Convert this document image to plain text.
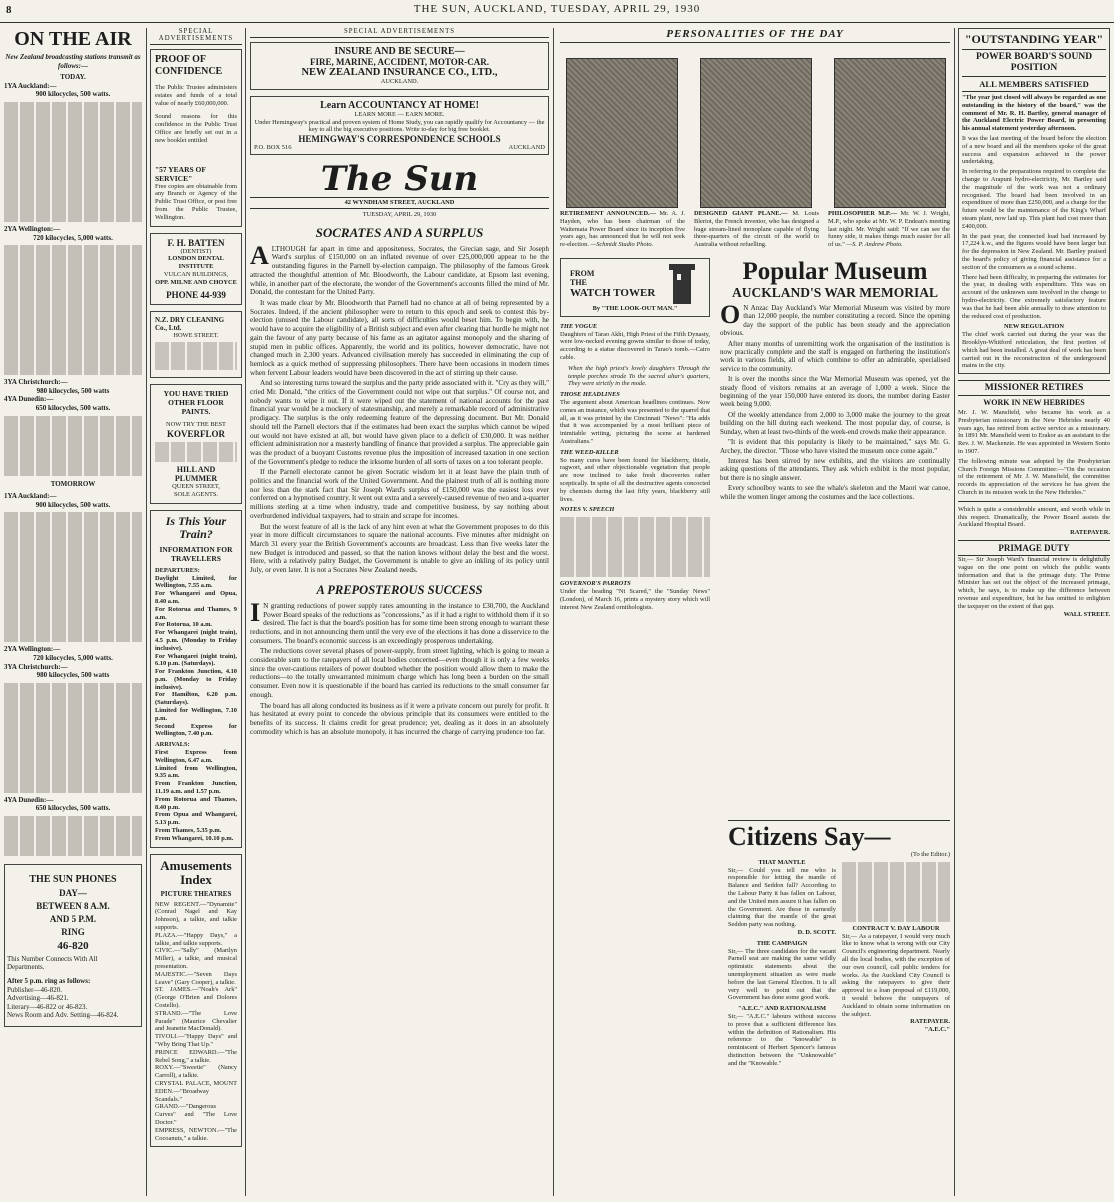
8	THE SUN, AUCKLAND, TUESDAY, APRIL 29, 1930
ON THE AIR
New Zealand broadcasting stations transmit as follows:—
TODAY.
1YA Auckland:—
900 kilocycles, 500 watts.
2YA Wellington:—
720 kilocycles, 5,000 watts.
3YA Christchurch:—
980 kilocycles, 500 watts
4YA Dunedin:—
650 kilocycles, 500 watts.
TOMORROW
1YA Auckland:—
900 kilocycles, 500 watts.
2YA Wellington:—
720 kilocycles, 5,000 watts.
3YA Christchurch:—
980 kilocycles, 500 watts
4YA Dunedin:—
650 kilocycles, 500 watts.
THE SUN PHONES
DAY—
BETWEEN 8 A.M.
AND 5 P.M.
RING
46-820
This Number Connects With All
Departments.
After 5 p.m. ring as follows:
Publisher—46-820.
Advertising—46-821.
Literary—46-822 or 46-823.
News Room and Adv. Setting—46-824.
SPECIAL ADVERTISEMENTS
PROOF OF CONFIDENCE
The Public Trustee administers estates and funds of a total value of nearly £60,000,000.
Sound reasons for this confidence in the Public Trust Office are briefly set out in a new booklet entitled
"57 YEARS OF SERVICE"
Free copies are obtainable from any Branch or Agency of the Public Trust Office, or post free from the Public Trustee, Wellington.
F. H. BATTEN
(DENTIST)
LONDON DENTAL INSTITUTE
VULCAN BUILDINGS,
OPP. MILNE AND CHOYCE
PHONE 44-939
N.Z. DRY CLEANING Co., Ltd.
HOWE STREET.
YOU HAVE TRIED OTHER FLOOR PAINTS.
NOW TRY THE BEST
KOVERFLOR
HILL AND PLUMMER
QUEEN STREET,
SOLE AGENTS.
Is This Your Train?
INFORMATION FOR TRAVELLERS
DEPARTURES:
Daylight Limited, for Wellington, 7.55 a.m.
For Whangarei and Opua, 8.40 a.m.
For Rotorua and Thames, 9 a.m.
For Rotorua, 10 a.m.
For Whangarei (night train), 4.5 p.m. (Monday to Friday inclusive).
For Whangarei (night train), 6.10 p.m. (Saturdays).
For Frankton Junction, 4.10 p.m. (Monday to Friday inclusive).
For Hamilton, 6.20 p.m. (Saturdays).
Limited for Wellington, 7.10 p.m.
Second Express for Wellington, 7.40 p.m.
ARRIVALS:
First Express from Wellington, 6.47 a.m.
Limited from Wellington, 9.35 a.m.
From Frankton Junction, 11.19 a.m. and 1.57 p.m.
From Rotorua and Thames, 8.40 p.m.
From Opua and Whangarei, 5.13 p.m.
From Thames, 5.35 p.m.
From Whangarei, 10.10 p.m.
Amusements Index
PICTURE THEATRES
NEW REGENT.—"Dynamite" (Conrad Nagel and Kay Johnson), a talkie, and talkie supports.
PLAZA.—"Happy Days," a talkie, and talkie supports.
CIVIC.—"Sally" (Marilyn Miller), a talkie, and musical presentation.
MAJESTIC.—"Seven Days Leave" (Gary Cooper), a talkie.
ST. JAMES.—"Noah's Ark" (George O'Brien and Dolores Costello).
STRAND.—"The Love Parade" (Maurice Chevalier and Jeanette MacDonald).
TIVOLI.—"Happy Days" and "Why Bring That Up."
PRINCE EDWARD.—"The Rebel Song," a talkie.
ROXY.—"Sweetie" (Nancy Carroll), a talkie.
CRYSTAL PALACE, MOUNT EDEN.—"Broadway Scandals."
GRAND.—"Dangerous Curves" and "The Love Doctor."
EMPRESS, NEWTON.—"The Cocoanuts," a talkie.
SPECIAL ADVERTISEMENTS
INSURE AND BE SECURE—
FIRE, MARINE, ACCIDENT, MOTOR-CAR.
NEW ZEALAND INSURANCE CO., LTD.,
AUCKLAND.
Learn ACCOUNTANCY AT HOME!
LEARN MORE — EARN MORE.
Under Hemingway's practical and proven system of Home Study, you can rapidly qualify for Accountancy — the key to all the big executive positions. Write to-day for big free booklet.
HEMINGWAY'S CORRESPONDENCE SCHOOLS
P.O. BOX 516	AUCKLAND
The Sun
42 WYNDHAM STREET, AUCKLAND
TUESDAY, APRIL 29, 1930
SOCRATES AND A SURPLUS
A LTHOUGH far apart in time and appositeness, Socrates, the Grecian sage, and Sir Joseph Ward's surplus of £150,000 on an inflated revenue of over £25,000,000 appear to be the outstanding figures in the Parnell by-election campaign. The philosophy of the famous Greek attracted the thoughtful attention of Mr. Bloodworth, the Labour candidate, at Epsom last evening, while, in another part of the electorate, the wonder of the Government's accounts filled the mind of Mr. Donald, the contestant for the United Party.

It was made clear by Mr. Bloodworth that Parnell had no chance at all of being represented by a Socrates. Indeed, if the ancient philosopher were to return to this epoch and seek to contest this by-election (unused the Labour candidate), all sorts of difficulties would beset him. To begin with, he would have to acquire the eligibility of a British subject and even after clearing that hurdle he might not gain the favour of any party because of his fame as an agitator against monopoly and the sharing of stupid men in public offices. Apparently, the world and its politics, however democratic, have not changed much in 2,300 years. Advanced civilisation merely has succeeded in eliminating the cup of hemlock as a quick method of suppressing philosophers. There have been occasions in modern times when fervent Labour leaders would have been discovered in the act of stirring up their cause.

And so interesting turns toward the surplus and the party pride associated with it. "Cry as they will," cried Mr. Donald, "the critics of the Government could not wipe out that surplus." Of course not, and nobody wants to wipe it out. If it were wiped out the statement of national accounts for the past financial year would be a mockery of statesmanship, and merely a remarkable record of administrative prodigacy. The surplus is the only redeeming feature of the depressing document. But Mr. Donald should tell the Parnell electors that if the estimates had been exact the surplus which cannot be wiped out would not have existed at all, but would have given place to a deficit of £30,000. It was neither efficient administration nor a masterly handling of finance that provided a surplus. The appreciable gain was the product of a buoyant Customs revenue plus the imposition of increased taxation in one section of the Government's pledge to reduce the irksome burden of all sorts of taxes on a too tolerant people.

If the Parnell electorate cannot be given Socratic wisdom let it at least have the plain truth of politics and the financial work of the United Government. And the plainest truth of all is nothing more nor less than the stark fact that Sir Joseph Ward's surplus of £150,000 was the easiest loss ever conferred on a hypnotised country. It went out extra and a severely-caused revenue of two and a-quarter millions sterling at a time when industry, trade and competitive business, by say nothing about overburdened individual taxpayers, had to strain and scrape for incomes.

But the worst feature of all is the lack of any hint even at what the Government proposes to do this year in more difficult circumstances to square the national accounts. Five minutes after midnight on March 31 every year the British Government's accounts are broadcast. Less than five weeks later the new Budget is introduced and passed, so that the nation knows without delay the best and the worst. Here, with a relatively paltry Budget, the Government is unable to give an inkling of its policy until July, or even later. It is not a Socrates New Zealand needs.

A PREPOSTEROUS SUCCESS
I N granting reductions of power supply rates amounting in the instance to £30,700, the Auckland Power Board speaks of the reductions as "concessions," as if it had a right to withhold them if it so desired. The fact is that the board's position has for some time been strong enough to warrant these reductions, and in not announcing them until the very eve of the elections it has done a disservice to the consumers. The board's economic success is an exceedingly prosperous undertaking.

The reductions cover several phases of power-supply, from street lighting, which is going to mean a considerable sum to the ratepayers of all local bodies concerned—even though it is only a few weeks since the over-cautious retailers of power doubted whether the position would allow them to make the reductions—to the totally unwarranted minimum charge which has long been a burden on the small consumer. Even now it is questionable if the board has carried its reductions to the small consumer far enough.

The board has all along conducted its business as if it were a private concern out purely for profit. It has hesitated at every point to concede the obvious principle that its consumers were entitled to the benefits of its success. It claims credit for great prudence; yet, dealing as it does in an absolutely commodity which is has an absolute monopoly, it has incurred the charge of carrying prudence too far.

PERSONALITIES OF THE DAY
RETIREMENT ANNOUNCED.— Mr. A. J. Hayden, who has been chairman of the Waitemata Power Board since its inception five years ago, has announced that he will not seek re-election. —Schmidt Studio Photo.
DESIGNED GIANT PLANE.— M. Louis Bleriot, the French inventor, who has designed a huge stream-lined monoplane capable of flying three-quarters of the circuit of the world to Australia without refuelling.
PHILOSOPHER M.P.— Mr. W. J. Wright, M.P., who spoke at Mr. W. P. Endean's meeting last night. Mr. Wright said: "If we can see the funny side, it makes things much easier for all of us." —S. P. Andrew Photo.
FROM
THE
WATCH TOWER
By "THE LOOK-OUT MAN."
THE VOGUE
Daughters of Tarao Akhi, High Priest of the Fifth Dynasty, were low-necked evening gowns similar to those of today, according to a statue discovered in Tarao's tomb.—Cairo cable.
When the high priest's lovely daughters Through the temple porches strode To the sacred altar's quarters, They were strictly in the mode.
THOSE HEADLINES
The argument about American headlines continues. Now comes an instance, which was presented to the quarrel that all, as it was printed by the Cincinnati "News": "Ha adds that it was accompanied by a most brilliant piece of inimitable writing, picturing the scene at hardened Australians."
THE WEED-KILLER
So many cures have been found for blackberry, thistle, ragwort, and other objectionable vegetation that people are now inclined to take fresh discoveries rather sceptically. In spite of all the destructive agents concocted by chemists during the last fifty years, blackberry still lives.
NOTES V. SPEECH
GOVERNOR'S PARROTS
Under the heading "Nt Scared," the "Sunday News" (London), of March 16, prints a mystery story which will interest New Zealand ornithologists.
Popular Museum
AUCKLAND'S WAR MEMORIAL
O N Anzac Day Auckland's War Memorial Museum was visited by more than 12,000 people, the number constituting a record. Since the opening day the support of the public has been steady and the appreciation obvious.

After many months of unremitting work the organisation of the institution is now practically complete and the staff is engaged on furthering the institution's work in various fields, all of which combine to offer an admirable, specialised service to the community.

It is over the months since the War Memorial Museum was opened, yet the steady flood of visitors remains at an average of 1,000 a week. Since the beginning of the year 150,000 have entered its doors, the number during Easter week being 9,000.

Of the weekly attendance from 2,000 to 3,000 make the journey to the great building on the hill during each weekend. The most popular day, of course, is Sunday, when at least two-thirds of the week-end crowds make their appearance.

"It is evident that this popularity is likely to be maintained," says Mr. G. Archey, the director. "Those who have visited the museum once come again."

Interest has been stirred by new exhibits, and the visitors are continually asking questions of the attendants. They ask which exhibit is the most popular, but there is no single answer.

Every schoolboy wants to see the whale's skeleton and the Maori war canoe, while the women linger among the costumes and the lace collections.

Citizens Say—
(To the Editor.)
THAT MANTLE
Sir,— Could you tell me who is responsible for letting the mantle of Balance and Seddon fall? According to the Labour Party it has fallen on Labour, and the United men assure it has fallen on the Government. Are these in earnestly claiming that the mantle of the great Seddon party was nothing.
D. D. SCOTT.
THE CAMPAIGN
Sir,— The three candidates for the vacant Parnell seat are making the same wildly optimistic statements about the unemployment situation as were made before the last General Election. It is all very well to point out that the Government has done some good work.
"A.E.C." AND RATIONALISM
Sir,— "A.E.C." labours without success to prove that a sufficient difference lies within the definition of Rationalism. His reference to the "knowable" is reminiscent of Herbert Spencer's famous distinction between the "Unknowable" and the "Knowable."
CONTRACT V. DAY LABOUR
Sir,— As a ratepayer, I would very much like to know what is wrong with our City Council's engineering department. Nearly all the local bodies, with the exception of our own council, call public tenders for works. As the Auckland City Council is asking the ratepayers to give their approval to a loan proposal of £119,000, it would behove the ratepayers of Auckland to obtain some information on the subject.
RATEPAYER.
"A.E.C."
"OUTSTANDING YEAR"
POWER BOARD'S SOUND POSITION
ALL MEMBERS SATISFIED
"The year just closed will always be regarded as one outstanding in the history of the board," was the comment of Mr. R. H. Bartley, general manager of the Auckland Electric Power Board, in presenting his annual statement yesterday afternoon.
It was the last meeting of the board before the election of a new board and all the members spoke of the great success and expansion achieved in the power undertaking.
In referring to the preparations required to complete the change to Arapuni hydro-electricity, Mr. Bartley said the magnitude of the work was not a ordinary recognised. The board had been involved in an expenditure of more than £250,000, and a charge for the future would be the maintenance of the King's Wharf steam plant, now laid up. This plant had cost more than £400,000.
In the past year, the connected load had increased by 17,224 k.w., and the figures would have been larger but for the depression in New Zealand. Mr. Bartley praised the board's policy of giving financial assistance for a section of the consumers as a sound scheme.
There had been difficulty, in preparing the estimates for the year, in dealing with expenditure. This was on account of the unknown sum involved in the change to hydro-electricity. One extremely satisfactory feature was that he had been able annually to draw attention to the reduced cost of production.
NEW REGULATION
The chief work carried out during the year was the Brooklyn-Whitford reticulation, the first portion of which had been installed. A great deal of work has been carried out in the reconstruction of the underground mains in the city.
MISSIONER RETIRES
WORK IN NEW HEBRIDES
Mr. J. W. Mansfield, who became his work as a Presbyterian missionary in the New Hebrides nearly 40 years ago, has retired from active service as a missionary. In 1891 Mr. Mansfield went to Erakor as an assistant to the Rev. J. W. Mackenzie. He was appointed in Western Sonto in 1907.
The following minute was adopted by the Presbyterian Church Foreign Missions Committee:—"On the occasion of the retirement of Mr. J. W. Mansfield, the committee records its appreciation of the services he has given the Church in its mission work in the New Hebrides."
Which is quite a considerable amount, and worth while in this respect. Dramatically, the Power Board assists the Auckland Hospital Board.
RATEPAYER.
PRIMAGE DUTY
Sir,— Sir Joseph Ward's financial review is delightfully vague on the one point on which the public wants information and that is the primage duty. The Prime Minister has set out the object of the increased primage, which, he says, is to make up the difference between revenue and expenditure, but he has omitted to enlighten the taxpayer on the extent of that gap.
WALL STREET.
